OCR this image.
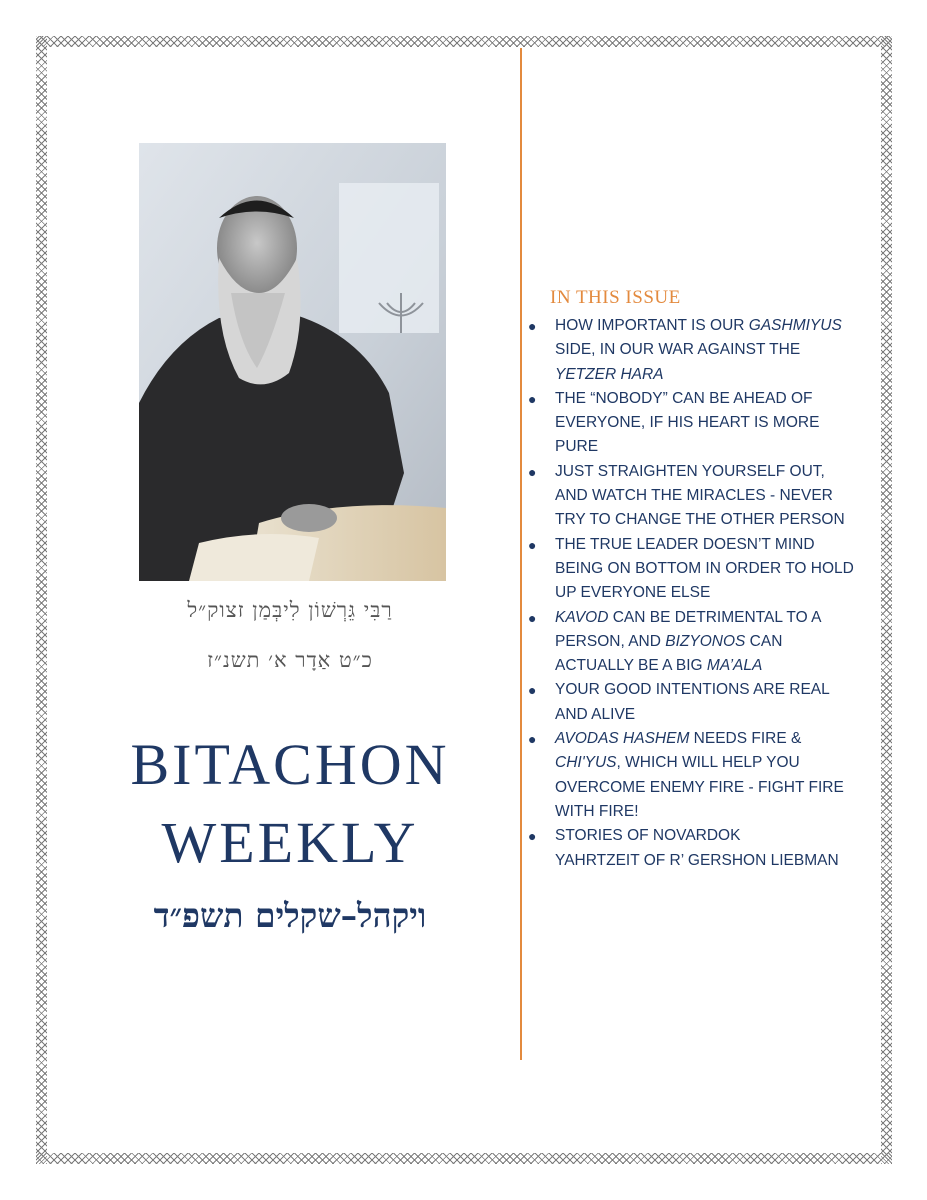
רַבִּי גֵּרְשׁוֹן לִיבְּמַן זצוק״ל
כ״ט אַדָר א׳ תשנ״ז
BITACHON
WEEKLY
ויקהל–שקלים תשפ״ד
IN THIS ISSUE
● HOW IMPORTANT IS OUR GASHMIYUS SIDE, IN OUR WAR AGAINST THE YETZER HARA
● THE “NOBODY” CAN BE AHEAD OF EVERYONE, IF HIS HEART IS MORE PURE
● JUST STRAIGHTEN YOURSELF OUT, AND WATCH THE MIRACLES - NEVER TRY TO CHANGE THE OTHER PERSON
● THE TRUE LEADER DOESN’T MIND BEING ON BOTTOM IN ORDER TO HOLD UP EVERYONE ELSE
● KAVOD CAN BE DETRIMENTAL TO A PERSON, AND BIZYONOS CAN ACTUALLY BE A BIG MA’ALA
● YOUR GOOD INTENTIONS ARE REAL AND ALIVE
● AVODAS HASHEM NEEDS FIRE & CHI'YUS, WHICH WILL HELP YOU OVERCOME ENEMY FIRE - FIGHT FIRE WITH FIRE!
● STORIES OF NOVARDOK
YAHRTZEIT OF R’ GERSHON LIEBMAN
